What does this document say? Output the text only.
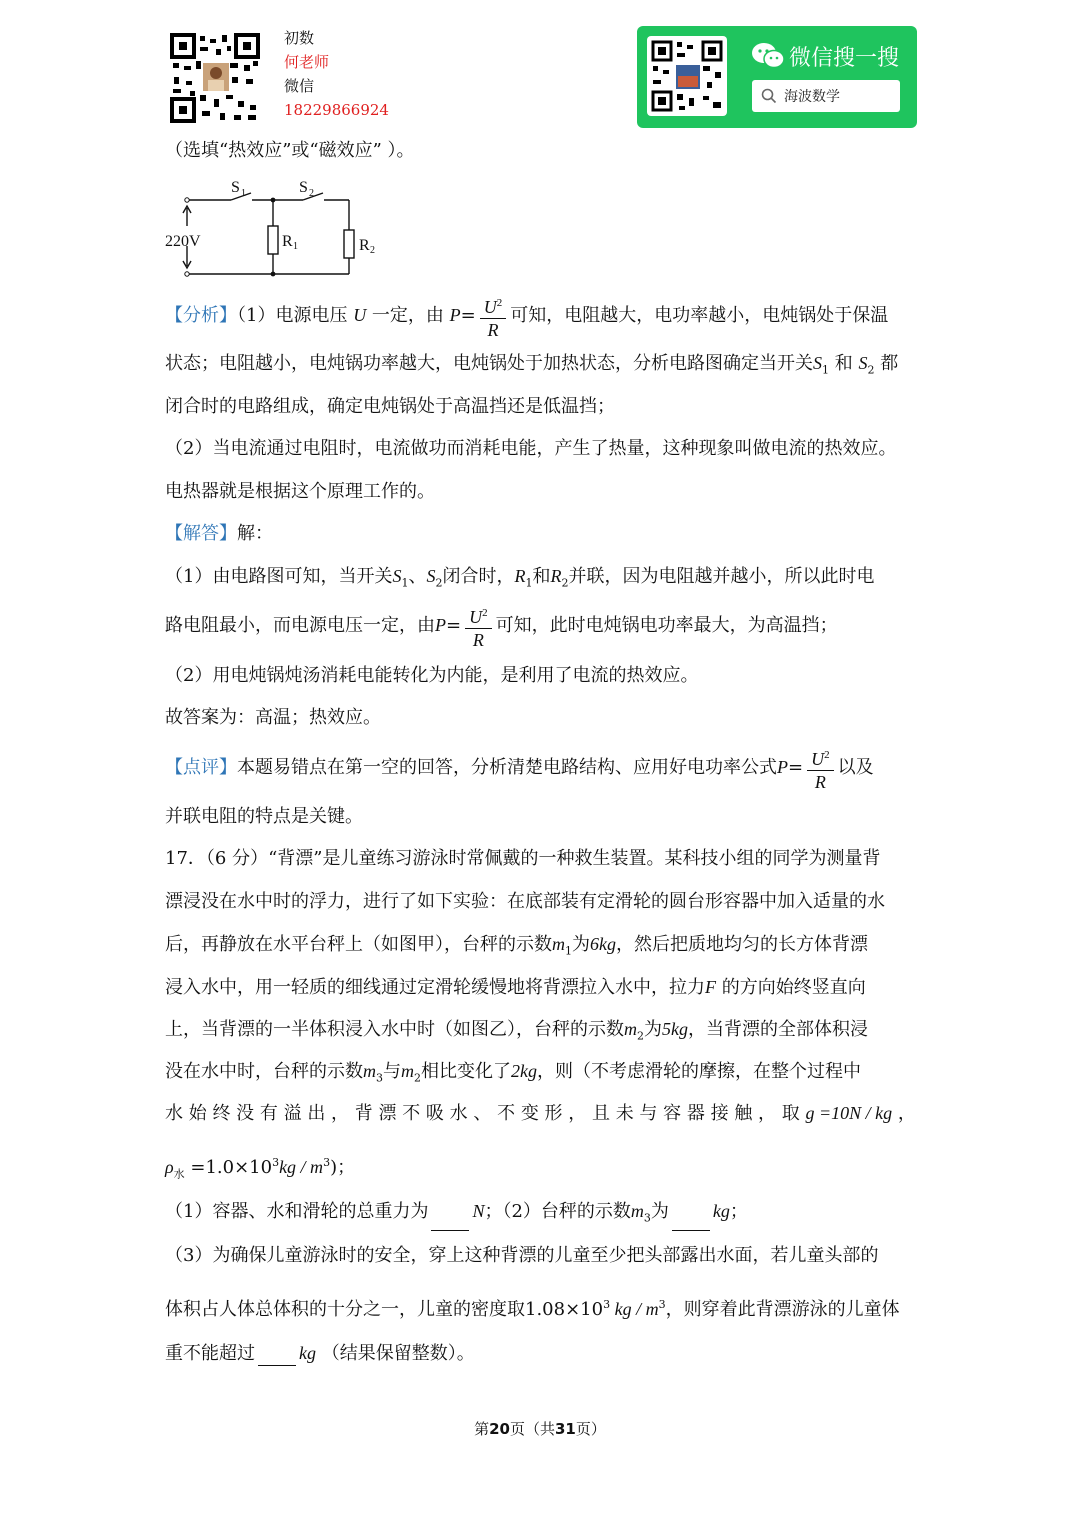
初数
何老师
微信
18229866924
微信搜一搜
海波数学
（选填“热效应”或“磁效应” ）。
220V
S 1	S 2
R 1	R 2
【分析】（1）电源电压 U 一定，由 $P= \frac{U^2}{R}$ 可知，电阻越大，电功率越小，电炖锅处于保温
状态；电阻越小，电炖锅功率越大，电炖锅处于加热状态，分析电路图确定当开关$S_1$ 和 $S_2$ 都
闭合时的电路组成，确定电炖锅处于高温挡还是低温挡；
（2）当电流通过电阻时，电流做功而消耗电能，产生了热量，这种现象叫做电流的热效应。
电热器就是根据这个原理工作的。
【解答】解：
（1）由电路图可知，当开关$S_1$、$S_2$闭合时，$R_1$和$R_2$并联，因为电阻越并越小，所以此时电
路电阻最小，而电源电压一定，由$P= \frac{U^2}{R}$ 可知，此时电炖锅电功率最大，为高温挡；
（2）用电炖锅炖汤消耗电能转化为内能，是利用了电流的热效应。
故答案为：高温；热效应。
【点评】本题易错点在第一空的回答，分析清楚电路结构、应用好电功率公式$P= \frac{U^2}{R}$ 以及
并联电阻的特点是关键。
17．（6 分）“背漂”是儿童练习游泳时常佩戴的一种救生装置。某科技小组的同学为测量背
漂浸没在水中时的浮力，进行了如下实验：在底部装有定滑轮的圆台形容器中加入适量的水
后，再静放在水平台秤上（如图甲），台秤的示数$m_1$为6kg，然后把质地均匀的长方体背漂
浸入水中，用一轻质的细线通过定滑轮缓慢地将背漂拉入水中，拉力F 的方向始终竖直向
上，当背漂的一半体积浸入水中时（如图乙），台秤的示数$m_2$为5kg，当背漂的全部体积浸
没在水中时，台秤的示数$m_3$与$m_2$相比变化了2kg，则（不考虑滑轮的摩擦，在整个过程中
水 始 终 没 有 溢 出 ， 背 漂 不 吸 水 、 不 变 形 ， 且 未 与 容 器 接 触 ， 取 g =10N / kg ，
$\rho_水 =1.0\times 10^3kg / m^3$)；
（1）容器、水和滑轮的总重力为 N；（2）台秤的示数$m_3$为 kg；
（3）为确保儿童游泳时的安全，穿上这种背漂的儿童至少把头部露出水面，若儿童头部的
体积占人体总体积的十分之一，儿童的密度取$1.08\times 10^3$ kg / $m^3$，则穿着此背漂游泳的儿童体
重不能超过 kg （结果保留整数）。
第20页（共31页）
